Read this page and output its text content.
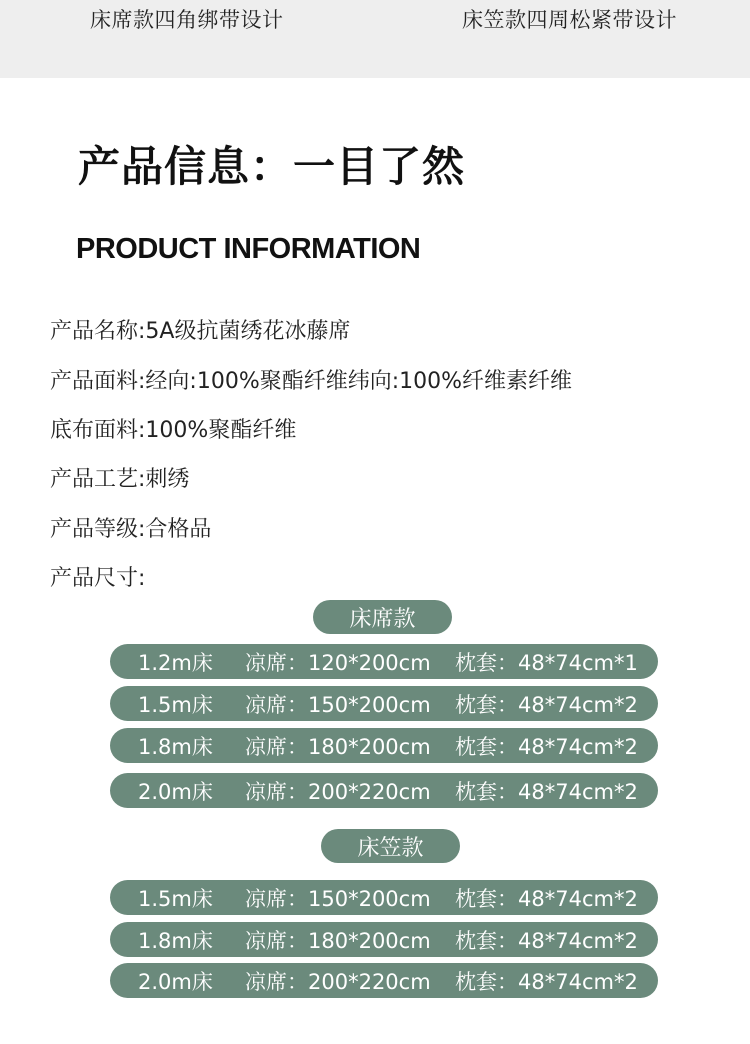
床席款四角绑带设计	床笠款四周松紧带设计
产品信息：一目了然
PRODUCT INFORMATION
产品名称:5A级抗菌绣花冰藤席
产品面料:经向:100%聚酯纤维纬向:100%纤维素纤维
底布面料:100%聚酯纤维
产品工艺:刺绣
产品等级:合格品
产品尺寸:
床席款
1.2m床 凉席：120*200cm 枕套：48*74cm*1
1.5m床 凉席：150*200cm 枕套：48*74cm*2
1.8m床 凉席：180*200cm 枕套：48*74cm*2
2.0m床 凉席：200*220cm 枕套：48*74cm*2
床笠款
1.5m床 凉席：150*200cm 枕套：48*74cm*2
1.8m床 凉席：180*200cm 枕套：48*74cm*2
2.0m床 凉席：200*220cm 枕套：48*74cm*2
